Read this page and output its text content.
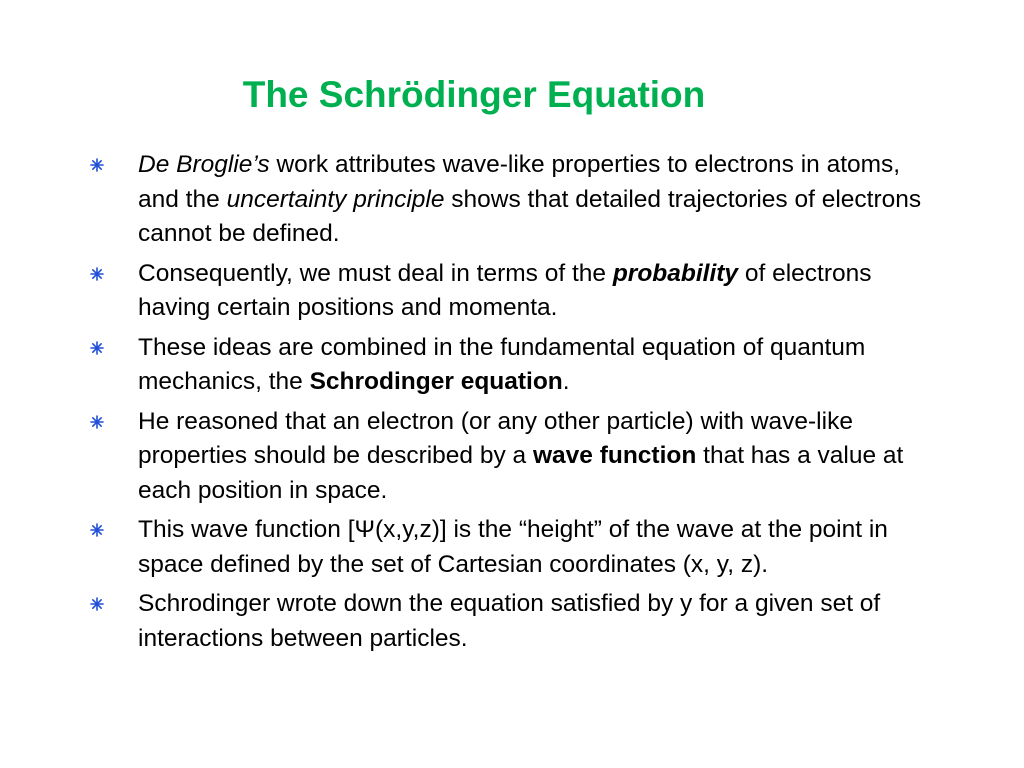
The Schrödinger Equation
De Broglie’s work attributes wave-like properties to electrons in atoms, and the uncertainty principle shows that detailed trajectories of electrons cannot be defined.
Consequently, we must deal in terms of the probability of electrons having certain positions and momenta.
These ideas are combined in the fundamental equation of quantum mechanics, the Schrodinger equation.
He reasoned that an electron (or any other particle) with wave-like properties should be described by a wave function that has a value at each position in space.
This wave function [Ψ(x,y,z)] is the “height” of the wave at the point in space defined by the set of Cartesian coordinates (x, y, z).
Schrodinger wrote down the equation satisfied by y for a given set of interactions between particles.
